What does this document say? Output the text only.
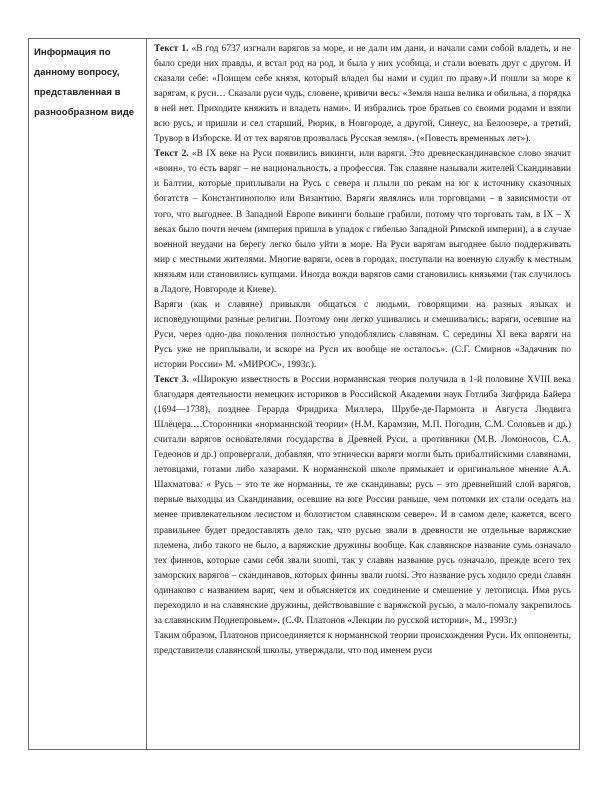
Информация по данному вопросу, представленная в разнообразном виде

Текст 1. «В год 6737 изгнали варягов за море, и не дали им дани, и начали сами собой владеть, и не было среди них правды, и встал род на род, и была у них усобица, и стали воевать друг с другом. И сказали себе: «Поищем себе князя, который владел бы нами и судил по праву».И пошли за море к варягам, к руси… Сказали руси чудь, словене, кривичи весь: «Земля наша велика и обильна, а порядка в ней нет. Приходите княжить и владеть нами». И избрались трое братьев со своими родами и взяли всю русь, и пришли и сел старший, Рюрик, в Новгороде, а другой, Синеус, на Белоозере, а третий, Трувор в Изборске. И от тех варягов прозвалась Русская земля». («Повесть временных лет»).

Текст 2. «В IX веке на Руси появились викинги, или варяги. Это древнескандинавское слово значит «воин», то есть варяг – не национальность, а профессия. Так славяне называли жителей Скандинавии и Балтии, которые приплывали на Русь с севера и плыли по рекам на юг к источнику сказочных богатств – Константинополю или Византию. Варяги являлись или торговцами – в зависимости от того, что выгоднее. В Западной Европе викинги больше грабили, потому что торговать там, в IX – X веках было почти нечем (империя пришла в упадок с гибелью Западной Римской империи), а в случае военной неудачи на берегу легко было уйти в море. На Руси варягам выгоднее было поддерживать мир с местными жителями. Многие варяги, осев в городах, поступали на военную службу к местным князьям или становились купцами. Иногда вожди варягов сами становились князьями (так случилось в Ладоге, Новгороде и Киеве).

Варяги (как и славяне) привыкли общаться с людьми, говорящими на разных языках и исповедующими разные религии. Поэтому они легко ушивались и смешивались; варяги, осевшие на Руси, через одно-два поколения полностью уподоблялись славянам. С середины XI века варяги на Русь уже не приплывали, и вскоре на Руси их вообще не осталось». (С.Г. Смирнов «Задачник по истории России» М. «МИРОС», 1993г.).

Текст 3. «Широкую известность в России норманнская теория получила в 1-й половине XVIII века благодаря деятельности немецких историков в Российской Академии наук Готлиба Зигфрида Байера (1694—1738), позднее Герарда Фридриха Миллера, Шрубе-де-Пармонта и Августа Людвига Шлёцера.…Сторонники «норманнской теории» (Н.М. Карамзин, М.П. Погодин, С.М. Соловьев и др.) считали варягов основателями государства в Древней Руси, а противники (М.В. Ломоносов, С.А. Гедеонов и др.) опровергали, добавляя, что этнически варяги могли быть прибалтийскими славянами, летовцами, готами либо хазарами. К норманнской школе примыкает и оригинальное мнение А.А. Шахматова: « Русь – это те же норманны, те же скандинавы; русь – это древнейший слой варягов, первые выходцы из Скандинавии, осевшие на юге России раньше, чем потомки их стали оседать на менее привлекательном лесистом и болотистом славянском севере». И в самом деле, кажется, всего правильнее будет предоставлять дело так, что русью звали в древности не отдельные варяжские племена, либо такого не было, а варяжские дружины вообще. Как славянское название сумь означало тех финнов, которые сами себя звали suomi, так у славян название русь означало, прежде всего тех заморских варягов – скандинавов, которых финны звали ruotsi. Это название русь ходило среди славян одинаково с названием варяг, чем и объясняется их соединение и смешение у летописца. Имя русь переходило и на славянские дружины, действовавшие с варяжской русью, а мало-помалу закрепилось за славянским Поднепровьем». (С.Ф. Платонов «Лекции по русской истории», М., 1993г.)

Таким образом, Платонов присоединяется к норманнской теории происхождения Руси. Их оппоненты, представители славянской школы, утверждали, что под именем руси
